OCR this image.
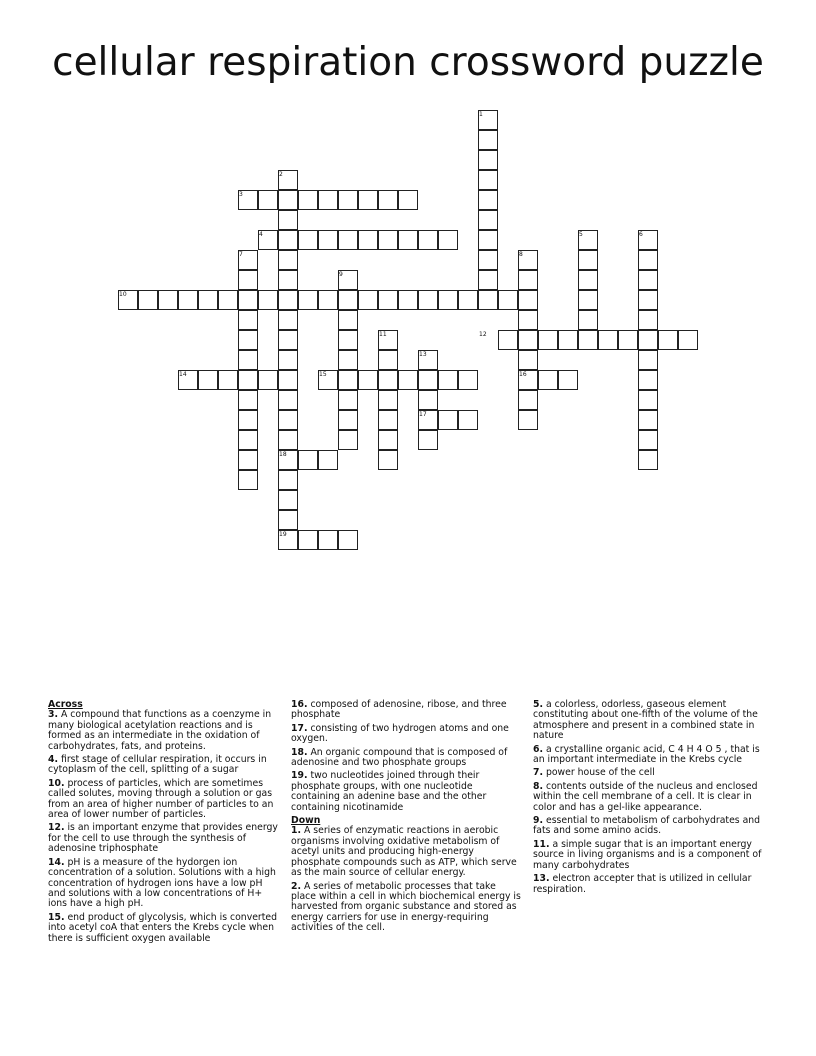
cellular respiration crossword puzzle
1
2
3
4	5	6
7	8
9
10
11	12
13
14	15	16
17
18
19

Across

3. A compound that functions as a coenzyme in many biological acetylation reactions and is formed as an intermediate in the oxidation of carbohydrates, fats, and proteins.

4. first stage of cellular respiration, it occurs in cytoplasm of the cell, splitting of a sugar

10. process of particles, which are sometimes called solutes, moving through a solution or gas from an area of higher number of particles to an area of lower number of particles.

12. is an important enzyme that provides energy for the cell to use through the synthesis of adenosine triphosphate

14. pH is a measure of the hydorgen ion concentration of a solution. Solutions with a high concentration of hydrogen ions have a low pH and solutions with a low concentrations of H+ ions have a high pH.

15. end product of glycolysis, which is converted into acetyl coA that enters the Krebs cycle when there is sufficient oxygen available

16. composed of adenosine, ribose, and three phosphate

17. consisting of two hydrogen atoms and one oxygen.

18. An organic compound that is composed of adenosine and two phosphate groups

19. two nucleotides joined through their phosphate groups, with one nucleotide containing an adenine base and the other containing nicotinamide

Down

1. A series of enzymatic reactions in aerobic organisms involving oxidative metabolism of acetyl units and producing high-energy phosphate compounds such as ATP, which serve as the main source of cellular energy.

2. A series of metabolic processes that take place within a cell in which biochemical energy is harvested from organic substance and stored as energy carriers for use in energy-requiring activities of the cell.

5. a colorless, odorless, gaseous element constituting about one-fifth of the volume of the atmosphere and present in a combined state in nature

6. a crystalline organic acid, C 4 H 4 O 5 , that is an important intermediate in the Krebs cycle

7. power house of the cell

8. contents outside of the nucleus and enclosed within the cell membrane of a cell. It is clear in color and has a gel-like appearance.

9. essential to metabolism of carbohydrates and fats and some amino acids.

11. a simple sugar that is an important energy source in living organisms and is a component of many carbohydrates

13. electron accepter that is utilized in cellular respiration.
